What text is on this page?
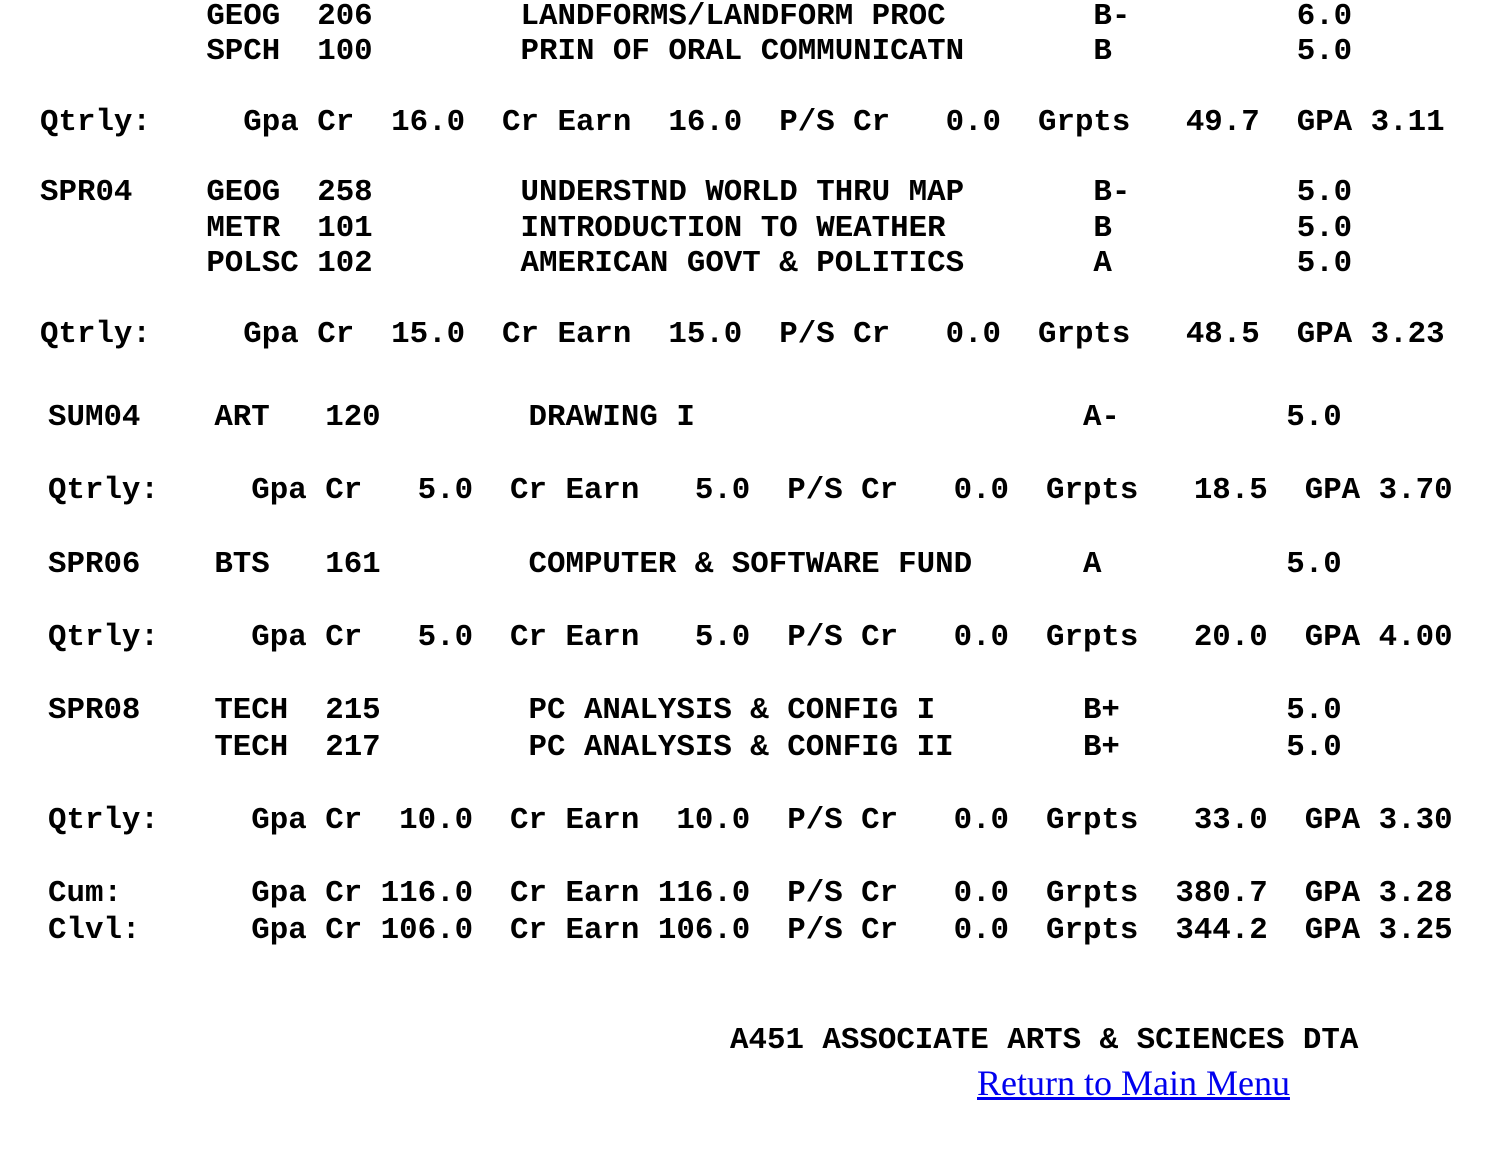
GEOG  206        LANDFORMS/LANDFORM PROC        B-         6.0
SPCH  100        PRIN OF ORAL COMMUNICATN       B          5.0
Qtrly:     Gpa Cr  16.0  Cr Earn  16.0  P/S Cr   0.0  Grpts   49.7  GPA 3.11
SPR04    GEOG  258        UNDERSTND WORLD THRU MAP       B-         5.0
METR  101        INTRODUCTION TO WEATHER        B          5.0
POLSC 102        AMERICAN GOVT & POLITICS       A          5.0
Qtrly:     Gpa Cr  15.0  Cr Earn  15.0  P/S Cr   0.0  Grpts   48.5  GPA 3.23
SUM04    ART   120        DRAWING I                     A-         5.0
Qtrly:     Gpa Cr   5.0  Cr Earn   5.0  P/S Cr   0.0  Grpts   18.5  GPA 3.70
SPR06    BTS   161        COMPUTER & SOFTWARE FUND      A          5.0
Qtrly:     Gpa Cr   5.0  Cr Earn   5.0  P/S Cr   0.0  Grpts   20.0  GPA 4.00
SPR08    TECH  215        PC ANALYSIS & CONFIG I        B+         5.0
TECH  217        PC ANALYSIS & CONFIG II       B+         5.0
Qtrly:     Gpa Cr  10.0  Cr Earn  10.0  P/S Cr   0.0  Grpts   33.0  GPA 3.30
Cum:       Gpa Cr 116.0  Cr Earn 116.0  P/S Cr   0.0  Grpts  380.7  GPA 3.28
Clvl:      Gpa Cr 106.0  Cr Earn 106.0  P/S Cr   0.0  Grpts  344.2  GPA 3.25
A451 ASSOCIATE ARTS & SCIENCES DTA
Return to Main Menu
